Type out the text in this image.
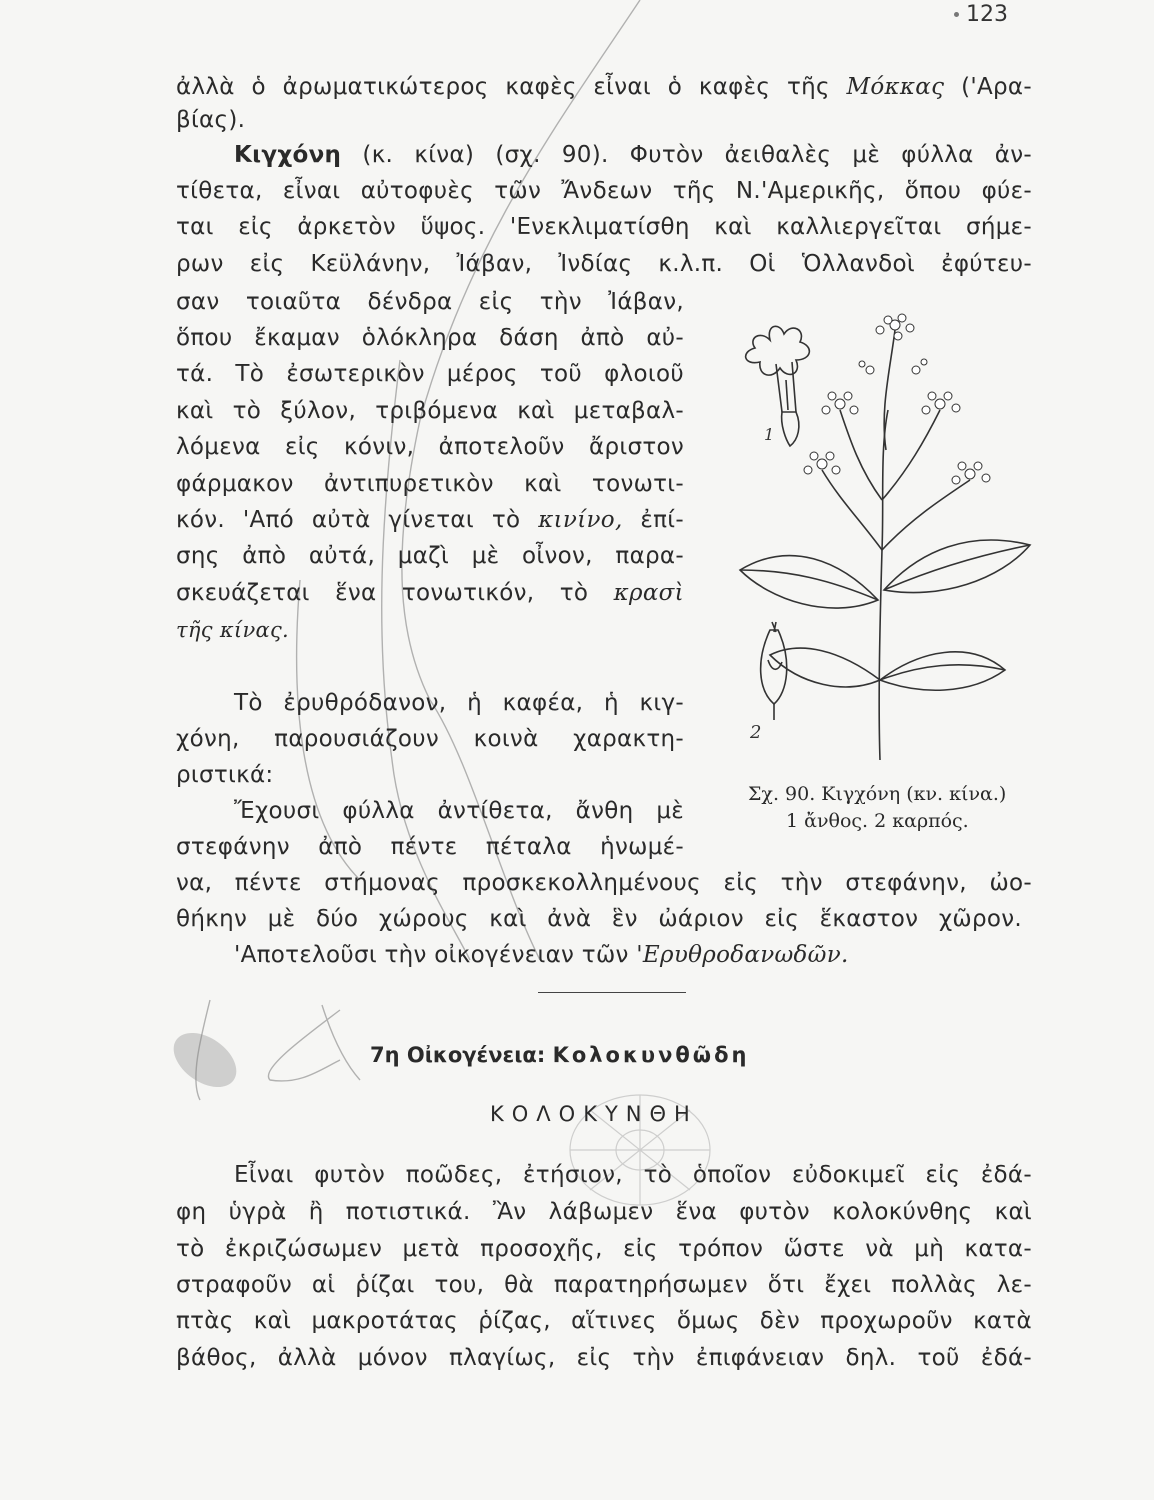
123
ἀλλὰ ὁ ἀρωματικώτερος καφὲς εἶναι ὁ καφὲς τῆς Μόκκας ('Αρα-
βίας).
Κιγχόνη (κ. κίνα) (σχ. 90). Φυτὸν ἀειθαλὲς μὲ φύλλα ἀν-
τίθετα, εἶναι αὐτοφυὲς τῶν Ἄνδεων τῆς Ν.'Αμερικῆς, ὅπου φύε-
ται εἰς ἀρκετὸν ὕψος. 'Ενεκλιματίσθη καὶ καλλιεργεῖται σήμε-
ρων εἰς Κεϋλάνην, Ἰάβαν, Ἰνδίας κ.λ.π. Οἱ Ὁλλανδοὶ ἐφύτευ-
σαν τοιαῦτα δένδρα εἰς τὴν Ἰάβαν,
ὅπου ἔκαμαν ὁλόκληρα δάση ἀπὸ αὐ-
τά. Τὸ ἐσωτερικὸν μέρος τοῦ φλοιοῦ
καὶ τὸ ξύλον, τριβόμενα καὶ μεταβαλ-
λόμενα εἰς κόνιν, ἀποτελοῦν ἄριστον
φάρμακον ἀντιπυρετικὸν καὶ τονωτι-
κόν. 'Από αὐτὰ γίνεται τὸ κινίνο, ἐπί-
σης ἀπὸ αὐτά, μαζὶ μὲ οἶνον, παρα-
σκευάζεται ἕνα τονωτικόν, τὸ κρασὶ
τῆς κίνας.
Τὸ ἐρυθρόδανον, ἡ καφέα, ἡ κιγ-
χόνη, παρουσιάζουν κοινὰ χαρακτη-
ριστικά:
Ἔχουσι φύλλα ἀντίθετα, ἄνθη μὲ
στεφάνην ἀπὸ πέντε πέταλα ἡνωμέ-
να, πέντε στήμονας προσκεκολλημένους εἰς τὴν στεφάνην, ὠο-
θήκην μὲ δύο χώρους καὶ ἀνὰ ἓν ὠάριον εἰς ἕκαστον χῶρον.
'Αποτελοῦσι τὴν οἰκογένειαν τῶν 'Ερυθροδανωδῶν.
1
2
Σχ. 90. Κιγχόνη (κν. κίνα.)
1 ἄνθος. 2 καρπός.
7η Οἰκογένεια: Κολοκυνθῶδη
ΚΟΛΟΚΥΝΘΗ
Εἶναι φυτὸν ποῶδες, ἐτήσιον, τὸ ὁποῖον εὐδοκιμεῖ εἰς ἐδά-
φη ὑγρὰ ἢ ποτιστικά. Ἂν λάβωμεν ἕνα φυτὸν κολοκύνθης καὶ
τὸ ἐκριζώσωμεν μετὰ προσοχῆς, εἰς τρόπον ὥστε νὰ μὴ κατα-
στραφοῦν αἱ ῥίζαι του, θὰ παρατηρήσωμεν ὅτι ἔχει πολλὰς λε-
πτὰς καὶ μακροτάτας ῥίζας, αἵτινες ὅμως δὲν προχωροῦν κατὰ
βάθος, ἀλλὰ μόνον πλαγίως, εἰς τὴν ἐπιφάνειαν δηλ. τοῦ ἐδά-
